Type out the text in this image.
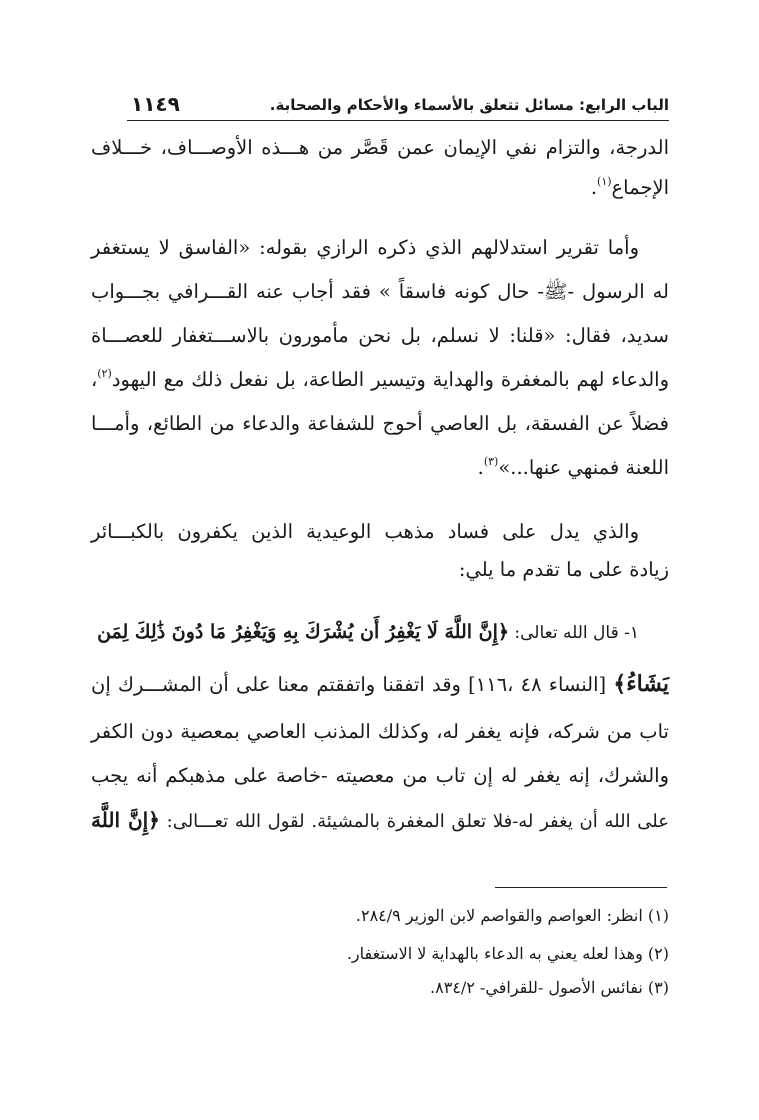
الباب الرابع: مسائل تتعلق بالأسماء والأحكام والصحابة.
١١٤٩
الدرجة، والتزام نفي الإيمان عمن قَصَّر من هـــذه الأوصـــاف، خـــلاف
الإجماع$^{(١)}$.
وأما تقرير استدلالهم الذي ذكره الرازي بقوله: «الفاسق لا يستغفر
له الرسول -ﷺ- حال كونه فاسقاً » فقد أجاب عنه القـــرافي بجـــواب
سديد، فقال: «قلنا: لا نسلم، بل نحن مأمورون بالاســـتغفار للعصـــاة
والدعاء لهم بالمغفرة والهداية وتيسير الطاعة، بل نفعل ذلك مع اليهود$^{(٢)}$،
فضلاً عن الفسقة، بل العاصي أحوج للشفاعة والدعاء من الطائع، وأمـــا
اللعنة فمنهي عنها...»$^{(٣)}$.
والذي يدل على فساد مذهب الوعيدية الذين يكفرون بالكبـــائر
زيادة على ما تقدم ما يلي:
١- قال الله تعالى: ﴿إِنَّ اللَّهَ لَا يَغْفِرُ أَن يُشْرَكَ بِهِ وَيَغْفِرُ مَا دُونَ ذَٰلِكَ لِمَن
يَشَاءُ﴾ [النساء ٤٨ ،١١٦] وقد اتفقنا واتفقتم معنا على أن المشـــرك إن
تاب من شركه، فإنه يغفر له، وكذلك المذنب العاصي بمعصية دون الكفر
والشرك، إنه يغفر له إن تاب من معصيته -خاصة على مذهبكم أنه يجب
على الله أن يغفر له-فلا تعلق المغفرة بالمشيئة. لقول الله تعـــالى: ﴿إِنَّ اللَّهَ
(١) انظر: العواصم والقواصم لابن الوزير ٢٨٤/٩.
(٢) وهذا لعله يعني به الدعاء بالهداية لا الاستغفار.
(٣) نفائس الأصول -للقرافي- ٨٣٤/٢.
